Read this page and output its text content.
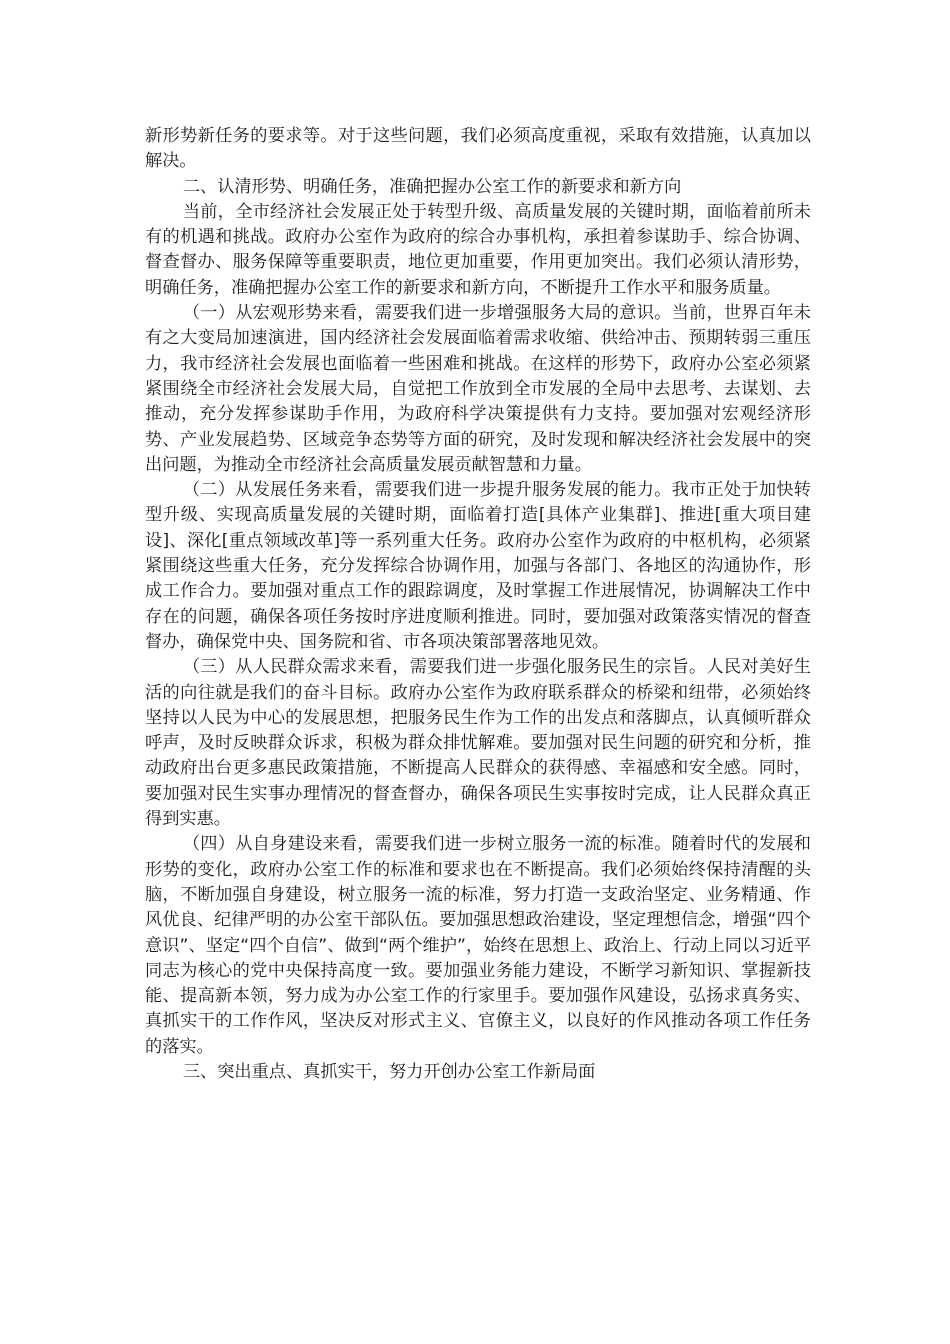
新形势新任务的要求等。对于这些问题，我们必须高度重视，采取有效措施，认真加以解决。

二、认清形势、明确任务，准确把握办公室工作的新要求和新方向

当前，全市经济社会发展正处于转型升级、高质量发展的关键时期，面临着前所未有的机遇和挑战。政府办公室作为政府的综合办事机构，承担着参谋助手、综合协调、督查督办、服务保障等重要职责，地位更加重要，作用更加突出。我们必须认清形势，明确任务，准确把握办公室工作的新要求和新方向，不断提升工作水平和服务质量。

（一）从宏观形势来看，需要我们进一步增强服务大局的意识。当前，世界百年未有之大变局加速演进，国内经济社会发展面临着需求收缩、供给冲击、预期转弱三重压力，我市经济社会发展也面临着一些困难和挑战。在这样的形势下，政府办公室必须紧紧围绕全市经济社会发展大局，自觉把工作放到全市发展的全局中去思考、去谋划、去推动，充分发挥参谋助手作用，为政府科学决策提供有力支持。要加强对宏观经济形势、产业发展趋势、区域竞争态势等方面的研究，及时发现和解决经济社会发展中的突出问题，为推动全市经济社会高质量发展贡献智慧和力量。

（二）从发展任务来看，需要我们进一步提升服务发展的能力。我市正处于加快转型升级、实现高质量发展的关键时期，面临着打造[具体产业集群]、推进[重大项目建设]、深化[重点领域改革]等一系列重大任务。政府办公室作为政府的中枢机构，必须紧紧围绕这些重大任务，充分发挥综合协调作用，加强与各部门、各地区的沟通协作，形成工作合力。要加强对重点工作的跟踪调度，及时掌握工作进展情况，协调解决工作中存在的问题，确保各项任务按时序进度顺利推进。同时，要加强对政策落实情况的督查督办，确保党中央、国务院和省、市各项决策部署落地见效。

（三）从人民群众需求来看，需要我们进一步强化服务民生的宗旨。人民对美好生活的向往就是我们的奋斗目标。政府办公室作为政府联系群众的桥梁和纽带，必须始终坚持以人民为中心的发展思想，把服务民生作为工作的出发点和落脚点，认真倾听群众呼声，及时反映群众诉求，积极为群众排忧解难。要加强对民生问题的研究和分析，推动政府出台更多惠民政策措施，不断提高人民群众的获得感、幸福感和安全感。同时，要加强对民生实事办理情况的督查督办，确保各项民生实事按时完成，让人民群众真正得到实惠。

（四）从自身建设来看，需要我们进一步树立服务一流的标准。随着时代的发展和形势的变化，政府办公室工作的标准和要求也在不断提高。我们必须始终保持清醒的头脑，不断加强自身建设，树立服务一流的标准，努力打造一支政治坚定、业务精通、作风优良、纪律严明的办公室干部队伍。要加强思想政治建设，坚定理想信念，增强“四个意识”、坚定“四个自信”、做到“两个维护”，始终在思想上、政治上、行动上同以习近平同志为核心的党中央保持高度一致。要加强业务能力建设，不断学习新知识、掌握新技能、提高新本领，努力成为办公室工作的行家里手。要加强作风建设，弘扬求真务实、真抓实干的工作作风，坚决反对形式主义、官僚主义，以良好的作风推动各项工作任务的落实。

三、突出重点、真抓实干，努力开创办公室工作新局面
